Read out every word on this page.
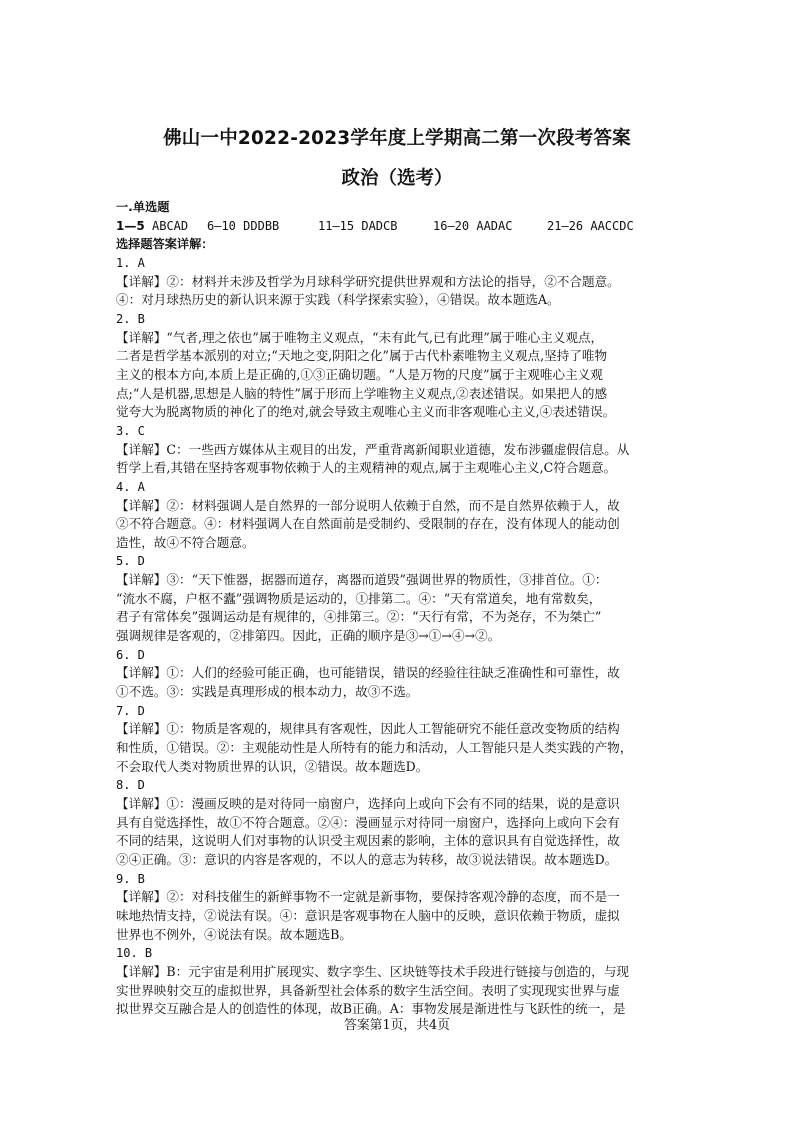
佛山一中2022-2023学年度上学期高二第一次段考答案
政治（选考）

一.单选题

1—5 ABCAD	6—10 DDDBB	11—15 DADCB	16—20 AADAC	21—26 AACCDC

选择题答案详解：

1. A

【详解】②：材料并未涉及哲学为月球科学研究提供世界观和方法论的指导，②不合题意。

④：对月球热历史的新认识来源于实践（科学探索实验），④错误。故本题选A。

2. B

【详解】“气者,理之依也”属于唯物主义观点，“未有此气,已有此理”属于唯心主义观点，

二者是哲学基本派别的对立;“天地之变,阴阳之化”属于古代朴素唯物主义观点,坚持了唯物

主义的根本方向,本质上是正确的,①③正确切题。“人是万物的尺度”属于主观唯心主义观

点;“人是机器,思想是人脑的特性”属于形而上学唯物主义观点,②表述错误。如果把人的感

觉夸大为脱离物质的神化了的绝对,就会导致主观唯心主义而非客观唯心主义,④表述错误。

3. C

【详解】C：一些西方媒体从主观目的出发，严重背离新闻职业道德，发布涉疆虚假信息。从

哲学上看,其错在坚持客观事物依赖于人的主观精神的观点,属于主观唯心主义,C符合题意。

4. A

【详解】②：材料强调人是自然界的一部分说明人依赖于自然，而不是自然界依赖于人，故

②不符合题意。④：材料强调人在自然面前是受制约、受限制的存在，没有体现人的能动创

造性，故④不符合题意。

5. D

【详解】③：“天下惟器，据器而道存，离器而道毁”强调世界的物质性，③排首位。①：

“流水不腐，户枢不蠹”强调物质是运动的，①排第二。④：“天有常道矣，地有常数矣，

君子有常体矣”强调运动是有规律的，④排第三。②：“天行有常，不为尧存，不为桀亡”

强调规律是客观的，②排第四。因此，正确的顺序是③→①→④→②。

6. D

【详解】①：人们的经验可能正确，也可能错误，错误的经验往往缺乏准确性和可靠性，故

①不选。③：实践是真理形成的根本动力，故③不选。

7. D

【详解】①：物质是客观的，规律具有客观性，因此人工智能研究不能任意改变物质的结构

和性质，①错误。②：主观能动性是人所特有的能力和活动，人工智能只是人类实践的产物，

不会取代人类对物质世界的认识，②错误。故本题选D。

8. D

【详解】①：漫画反映的是对待同一扇窗户，选择向上或向下会有不同的结果，说的是意识

具有自觉选择性，故①不符合题意。②④：漫画显示对待同一扇窗户，选择向上或向下会有

不同的结果，这说明人们对事物的认识受主观因素的影响，主体的意识具有自觉选择性，故

②④正确。③：意识的内容是客观的，不以人的意志为转移，故③说法错误。故本题选D。

9. B

【详解】②：对科技催生的新鲜事物不一定就是新事物，要保持客观冷静的态度，而不是一

味地热情支持，②说法有误。④：意识是客观事物在人脑中的反映，意识依赖于物质，虚拟

世界也不例外，④说法有误。故本题选B。

10. B

【详解】B：元宇宙是利用扩展现实、数字孪生、区块链等技术手段进行链接与创造的，与现

实世界映射交互的虚拟世界，具备新型社会体系的数字生活空间。表明了实现现实世界与虚

拟世界交互融合是人的创造性的体现，故B正确。A：事物发展是渐进性与飞跃性的统一，是

答案第1页，共4页
